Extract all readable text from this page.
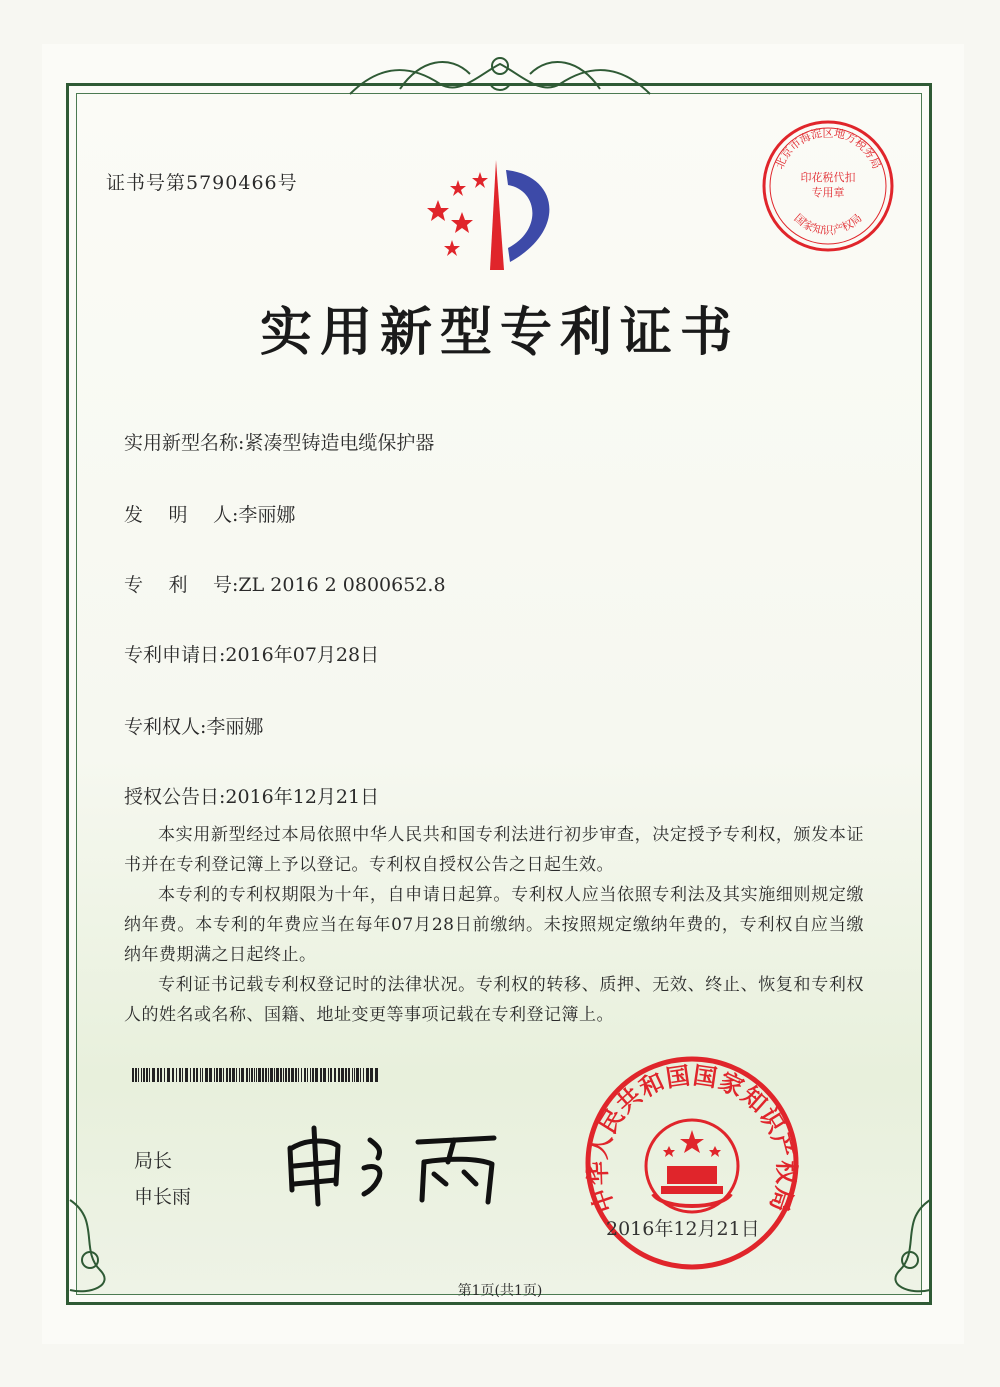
证书号第5790466号
实用新型专利证书
实用新型名称:紧凑型铸造电缆保护器
发 明 人 :李丽娜
专 利 号 :ZL 2016 2 0800652.8
专利申请日:2016年07月28日
专利权人:李丽娜
授权公告日:2016年12月21日

本实用新型经过本局依照中华人民共和国专利法进行初步审查，决定授予专利权，颁发本证书并在专利登记簿上予以登记。专利权自授权公告之日起生效。

本专利的专利权期限为十年，自申请日起算。专利权人应当依照专利法及其实施细则规定缴纳年费。本专利的年费应当在每年07月28日前缴纳。未按照规定缴纳年费的，专利权自应当缴纳年费期满之日起终止。

专利证书记载专利权登记时的法律状况。专利权的转移、质押、无效、终止、恢复和专利权人的姓名或名称、国籍、地址变更等事项记载在专利登记簿上。

局长
申长雨
第1页(共1页)
北京市海淀区地方税务局
国家知识产权局
印花税代扣专用章
中华人民共和国国家知识产权局
2016年12月21日
